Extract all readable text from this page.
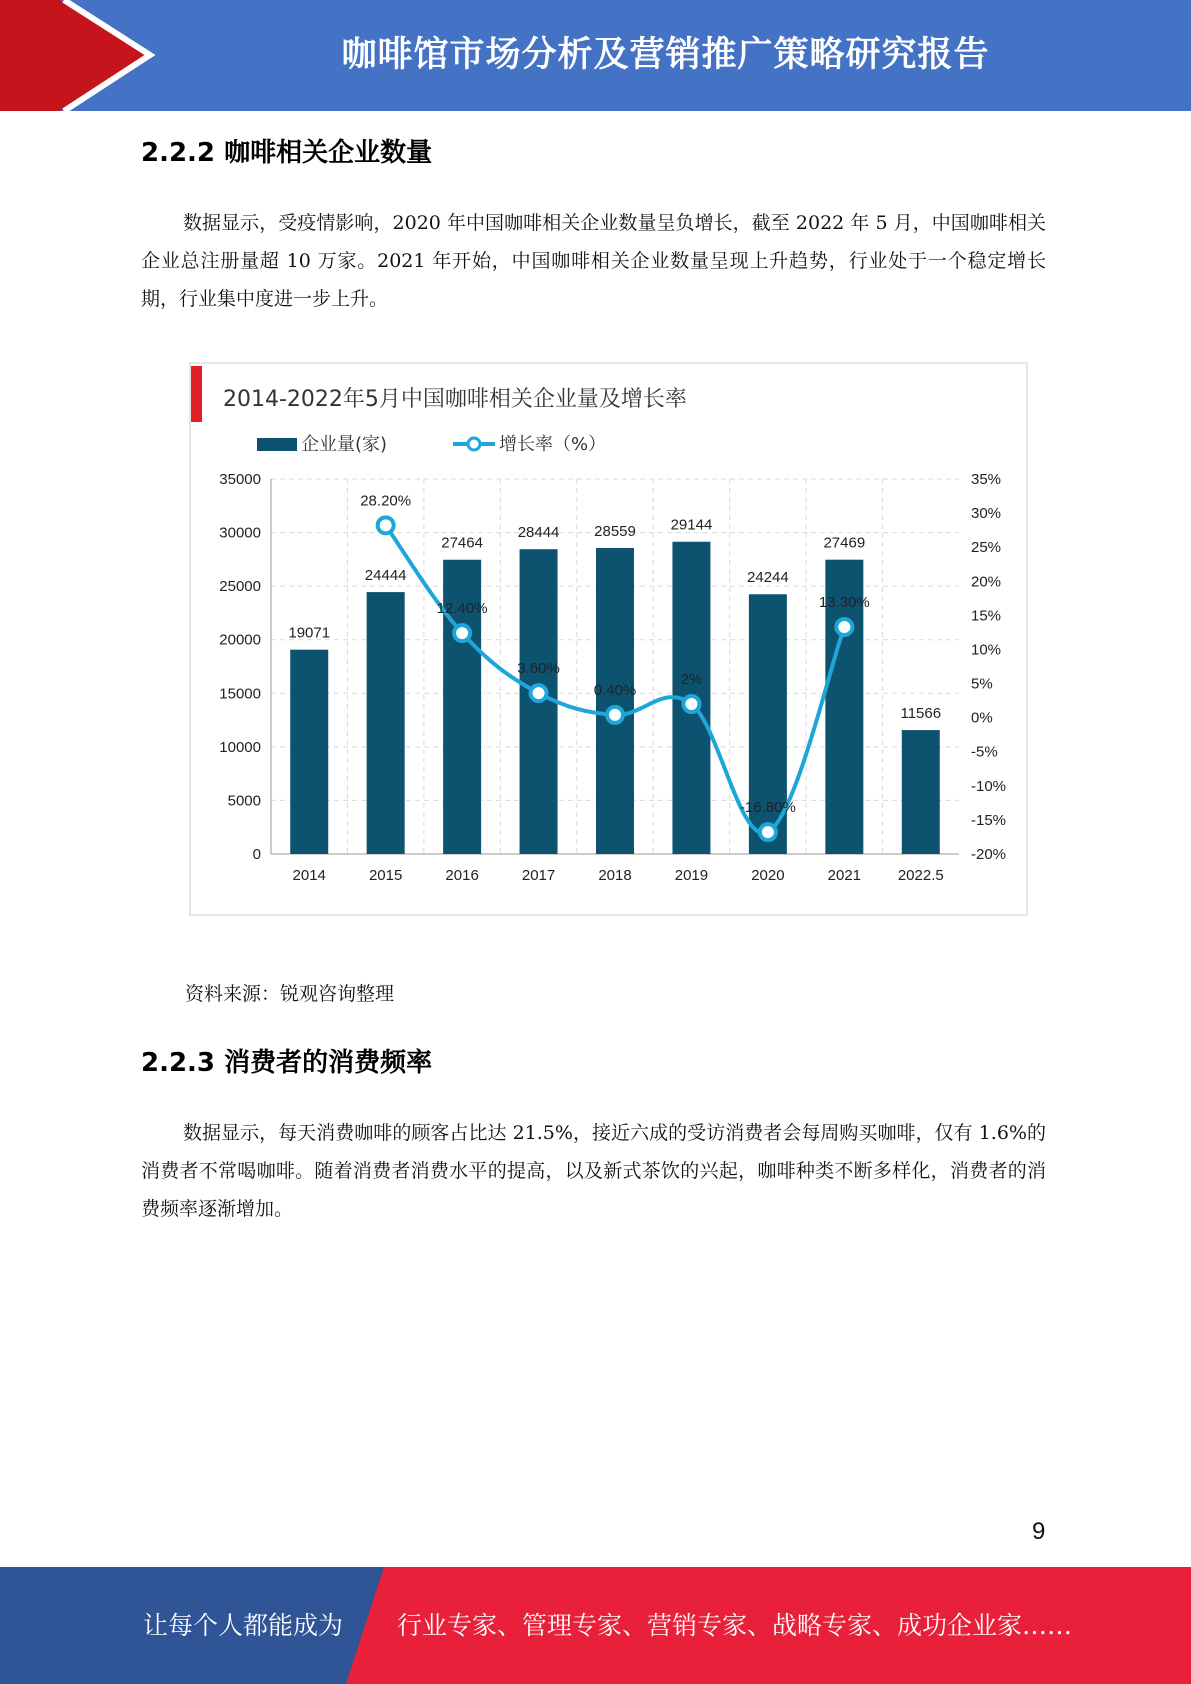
咖啡馆市场分析及营销推广策略研究报告
2.2.2 咖啡相关企业数量

数据显示，受疫情影响，2020 年中国咖啡相关企业数量呈负增长，截至 2022 年 5 月，中国咖啡相关企业总注册量超 10 万家。2021 年开始，中国咖啡相关企业数量呈现上升趋势，行业处于一个稳定增长期，行业集中度进一步上升。

2014-2022年5月中国咖啡相关企业量及增长率
企业量(家)	增长率（%）
35000
30000
25000
20000
15000
10000
5000
0
35%
30%
25%
20%
15%
10%
5%
0%
-5%
-10%
-15%
-20%
2014	2015	2016	2017	2018	2019	2020	2021 2022.5
19071
24444
27464
28444 28559 29144
24244
27469
11566
28.20%
12.40%
3.60%
0.40%
2%
-16.80%
13.30%
资料来源：锐观咨询整理
2.2.3 消费者的消费频率

数据显示，每天消费咖啡的顾客占比达 21.5%，接近六成的受访消费者会每周购买咖啡，仅有 1.6%的消费者不常喝咖啡。随着消费者消费水平的提高，以及新式茶饮的兴起，咖啡种类不断多样化，消费者的消费频率逐渐增加。

9
让每个人都能成为 行业专家、管理专家、营销专家、战略专家、成功企业家……
